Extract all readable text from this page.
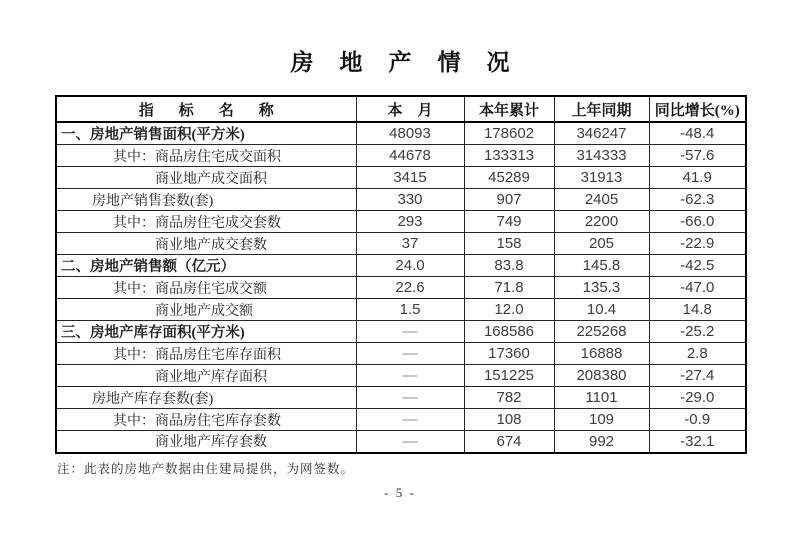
房地产情况
指标名称	本月	本年累计	上年同期	同比增长(%)
一、房地产销售面积(平方米)	48093	178602	346247	-48.4
其中：商品房住宅成交面积	44678	133313	314333	-57.6
商业地产成交面积	3415	45289	31913	41.9
房地产销售套数(套)	330	907	2405	-62.3
其中：商品房住宅成交套数	293	749	2200	-66.0
商业地产成交套数	37	158	205	-22.9
二、房地产销售额（亿元）	24.0	83.8	145.8	-42.5
其中：商品房住宅成交额	22.6	71.8	135.3	-47.0
商业地产成交额	1.5	12.0	10.4	14.8
三、房地产库存面积(平方米)	—	168586	225268	-25.2
其中：商品房住宅库存面积	—	17360	16888	2.8
商业地产库存面积	—	151225	208380	-27.4
房地产库存套数(套)	—	782	1101	-29.0
其中：商品房住宅库存套数	—	108	109	-0.9
商业地产库存套数	—	674	992	-32.1
注：此表的房地产数据由住建局提供，为网签数。
- 5 -
